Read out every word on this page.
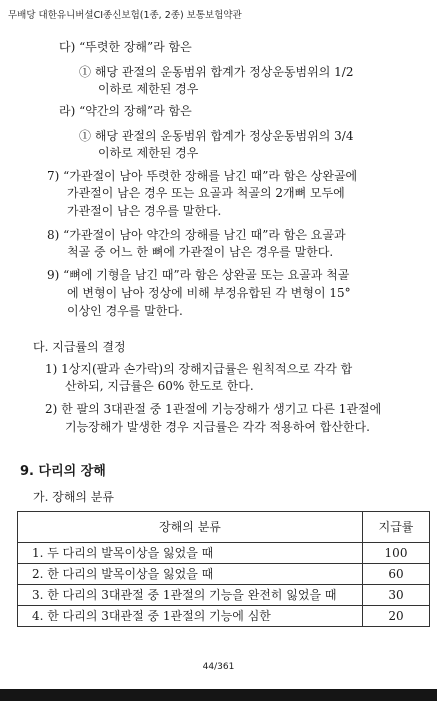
무배당 대한유니버셜CI종신보험(1종, 2종) 보통보험약관
다) “뚜렷한 장해”라 함은
① 해당 관절의 운동범위 합계가 정상운동범위의 1/2
이하로 제한된 경우
라) “약간의 장해”라 함은
① 해당 관절의 운동범위 합계가 정상운동범위의 3/4
이하로 제한된 경우
7) “가관절이 남아 뚜렷한 장해를 남긴 때”라 함은 상완골에
가관절이 남은 경우 또는 요골과 척골의 2개뼈 모두에
가관절이 남은 경우를 말한다.
8) “가관절이 남아 약간의 장해를 남긴 때”라 함은 요골과
척골 중 어느 한 뼈에 가관절이 남은 경우를 말한다.
9) “뼈에 기형을 남긴 때”라 함은 상완골 또는 요골과 척골
에 변형이 남아 정상에 비해 부정유합된 각 변형이 15°
이상인 경우를 말한다.
다. 지급률의 결정
1) 1상지(팔과 손가락)의 장해지급률은 원칙적으로 각각 합
산하되, 지급률은 60% 한도로 한다.
2) 한 팔의 3대관절 중 1관절에 기능장해가 생기고 다른 1관절에
기능장해가 발생한 경우 지급률은 각각 적용하여 합산한다.
9. 다리의 장해
가. 장해의 분류
장해의 분류	지급률
1. 두 다리의 발목이상을 잃었을 때	100
2. 한 다리의 발목이상을 잃었을 때	60
3. 한 다리의 3대관절 중 1관절의 기능을 완전히 잃었을 때	30
4. 한 다리의 3대관절 중 1관절의 기능에 심한	20
44/361
